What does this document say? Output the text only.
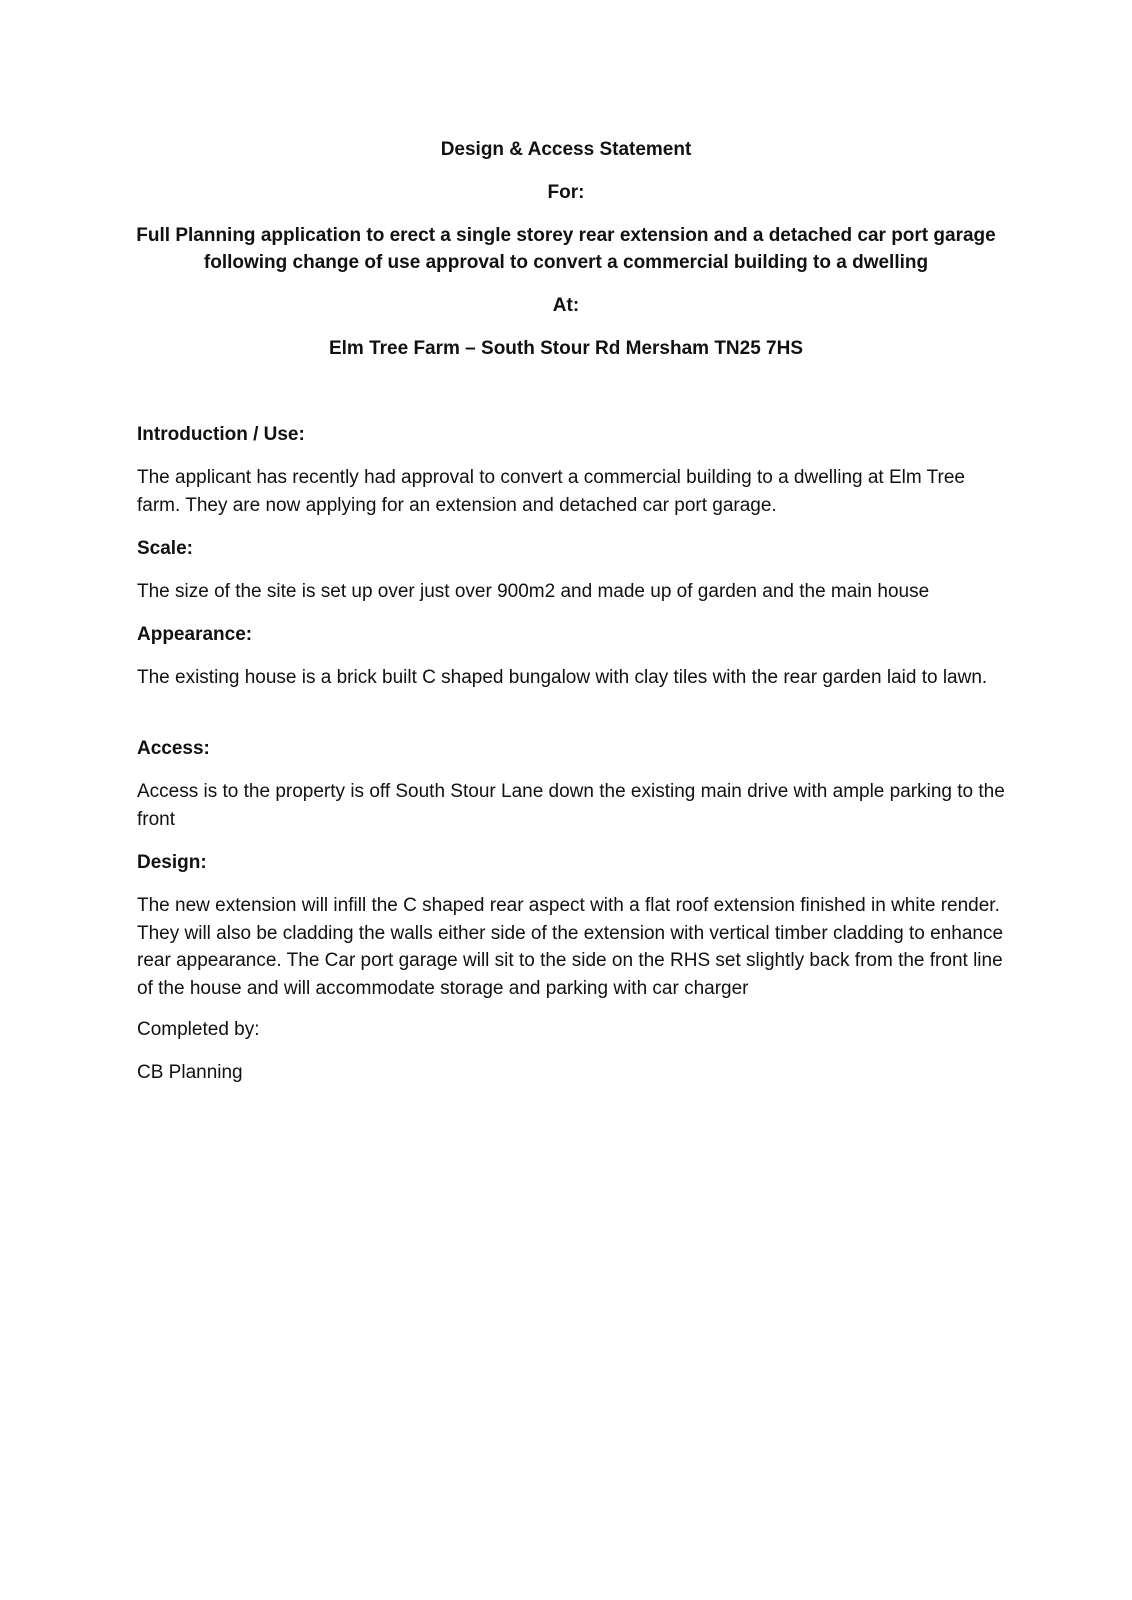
Design & Access Statement

For:

Full Planning application to erect a single storey rear extension and a detached car port garage

following change of use approval to convert a commercial building to a dwelling

At:

Elm Tree Farm – South Stour Rd Mersham TN25 7HS

Introduction / Use:

The applicant has recently had approval to convert a commercial building to a dwelling at Elm Tree farm. They are now applying for an extension and detached car port garage.

Scale:

The size of the site is set up over just over 900m2 and made up of garden and the main house

Appearance:

The existing house is a brick built C shaped bungalow with clay tiles with the rear garden laid to lawn.

Access:

Access is to the property is off South Stour Lane down the existing main drive with ample parking to the front

Design:

The new extension will infill the C shaped rear aspect with a flat roof extension finished in white render. They will also be cladding the walls either side of the extension with vertical timber cladding to enhance rear appearance. The Car port garage will sit to the side on the RHS set slightly back from the front line of the house and will accommodate storage and parking with car charger

Completed by:

CB Planning
